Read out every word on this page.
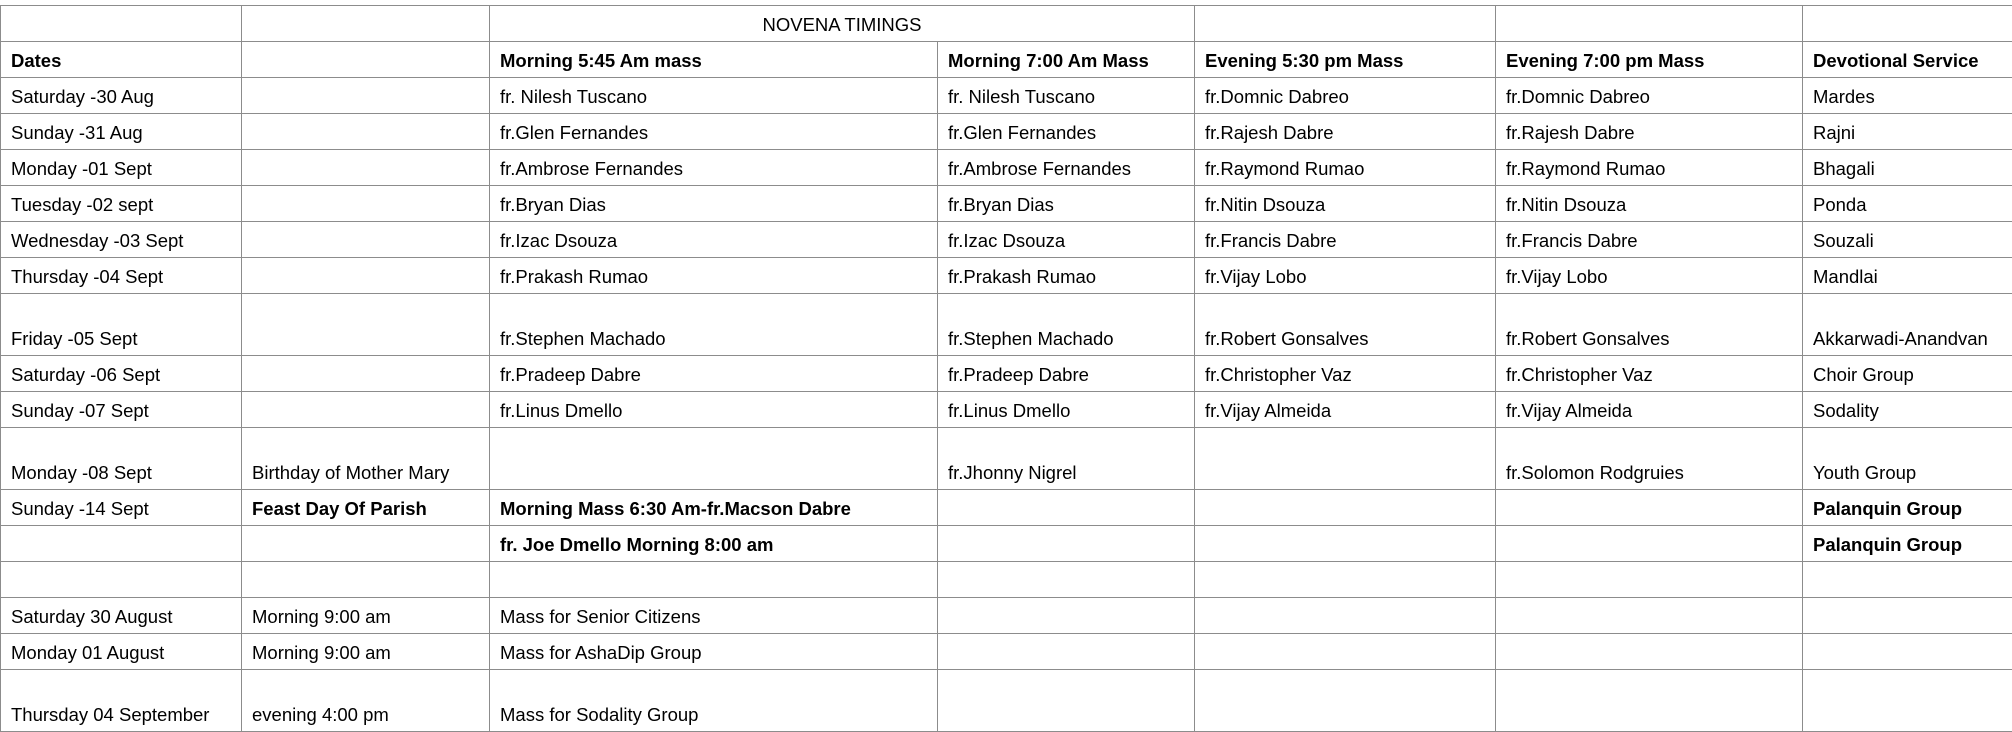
		NOVENA TIMINGS				
Dates		Morning 5:45 Am mass	Morning 7:00 Am Mass	Evening 5:30 pm Mass	Evening 7:00 pm Mass	Devotional Service
Saturday -30 Aug		fr. Nilesh Tuscano	fr. Nilesh Tuscano	fr.Domnic Dabreo	fr.Domnic Dabreo	Mardes
Sunday -31 Aug		fr.Glen Fernandes	fr.Glen Fernandes	fr.Rajesh Dabre	fr.Rajesh Dabre	Rajni
Monday -01 Sept		fr.Ambrose Fernandes	fr.Ambrose Fernandes	fr.Raymond Rumao	fr.Raymond Rumao	Bhagali
Tuesday -02 sept		fr.Bryan Dias	fr.Bryan Dias	fr.Nitin Dsouza	fr.Nitin Dsouza	Ponda
Wednesday -03 Sept		fr.Izac Dsouza	fr.Izac Dsouza	fr.Francis Dabre	fr.Francis Dabre	Souzali
Thursday -04 Sept		fr.Prakash Rumao	fr.Prakash Rumao	fr.Vijay Lobo	fr.Vijay Lobo	Mandlai
Friday -05 Sept		fr.Stephen Machado	fr.Stephen Machado	fr.Robert Gonsalves	fr.Robert Gonsalves	Akkarwadi-Anandvan
Saturday -06 Sept		fr.Pradeep Dabre	fr.Pradeep Dabre	fr.Christopher Vaz	fr.Christopher Vaz	Choir Group
Sunday -07 Sept		fr.Linus Dmello	fr.Linus Dmello	fr.Vijay Almeida	fr.Vijay Almeida	Sodality
Monday -08 Sept	Birthday of Mother Mary		fr.Jhonny Nigrel		fr.Solomon Rodgruies	Youth Group
Sunday -14 Sept	Feast Day Of Parish	Morning Mass 6:30 Am-fr.Macson Dabre				Palanquin Group
		fr. Joe Dmello Morning 8:00 am				Palanquin Group

Saturday 30 August	Morning 9:00 am	Mass for Senior Citizens				
Monday 01 August	Morning 9:00 am	Mass for AshaDip Group				
Thursday 04 September	evening 4:00 pm	Mass for Sodality Group				
